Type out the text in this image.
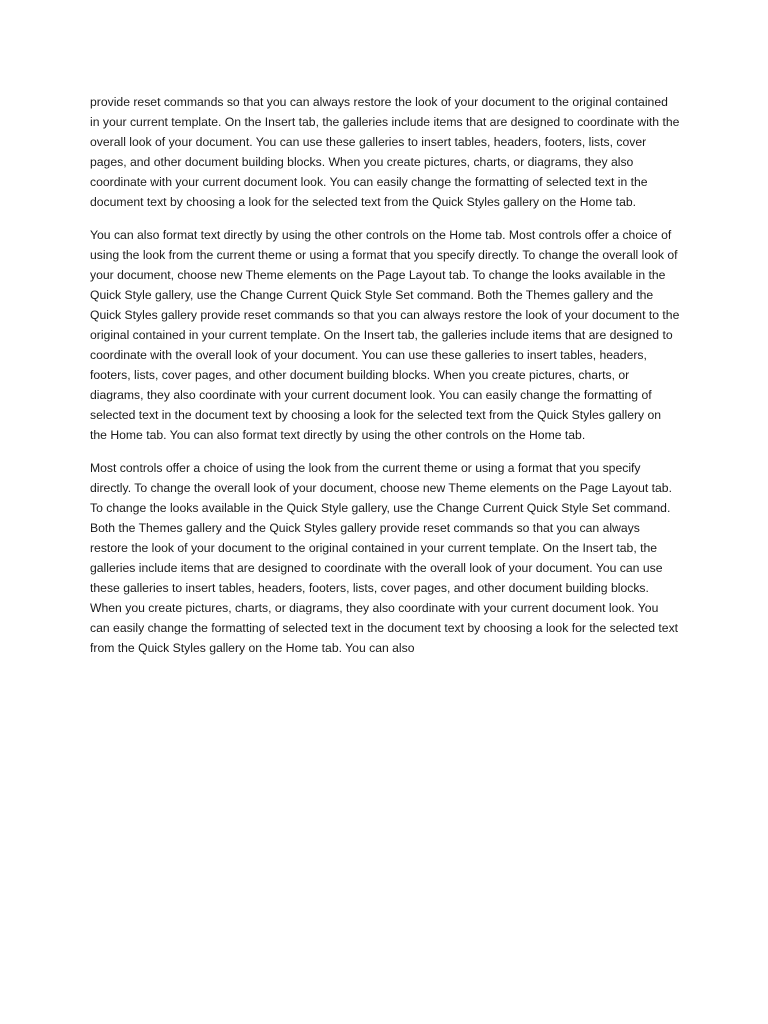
provide reset commands so that you can always restore the look of your document to the original contained in your current template. On the Insert tab, the galleries include items that are designed to coordinate with the overall look of your document. You can use these galleries to insert tables, headers, footers, lists, cover pages, and other document building blocks. When you create pictures, charts, or diagrams, they also coordinate with your current document look. You can easily change the formatting of selected text in the document text by choosing a look for the selected text from the Quick Styles gallery on the Home tab.

You can also format text directly by using the other controls on the Home tab. Most controls offer a choice of using the look from the current theme or using a format that you specify directly. To change the overall look of your document, choose new Theme elements on the Page Layout tab. To change the looks available in the Quick Style gallery, use the Change Current Quick Style Set command. Both the Themes gallery and the Quick Styles gallery provide reset commands so that you can always restore the look of your document to the original contained in your current template. On the Insert tab, the galleries include items that are designed to coordinate with the overall look of your document. You can use these galleries to insert tables, headers, footers, lists, cover pages, and other document building blocks. When you create pictures, charts, or diagrams, they also coordinate with your current document look. You can easily change the formatting of selected text in the document text by choosing a look for the selected text from the Quick Styles gallery on the Home tab. You can also format text directly by using the other controls on the Home tab.

Most controls offer a choice of using the look from the current theme or using a format that you specify directly. To change the overall look of your document, choose new Theme elements on the Page Layout tab. To change the looks available in the Quick Style gallery, use the Change Current Quick Style Set command. Both the Themes gallery and the Quick Styles gallery provide reset commands so that you can always restore the look of your document to the original contained in your current template. On the Insert tab, the galleries include items that are designed to coordinate with the overall look of your document. You can use these galleries to insert tables, headers, footers, lists, cover pages, and other document building blocks. When you create pictures, charts, or diagrams, they also coordinate with your current document look. You can easily change the formatting of selected text in the document text by choosing a look for the selected text from the Quick Styles gallery on the Home tab. You can also
